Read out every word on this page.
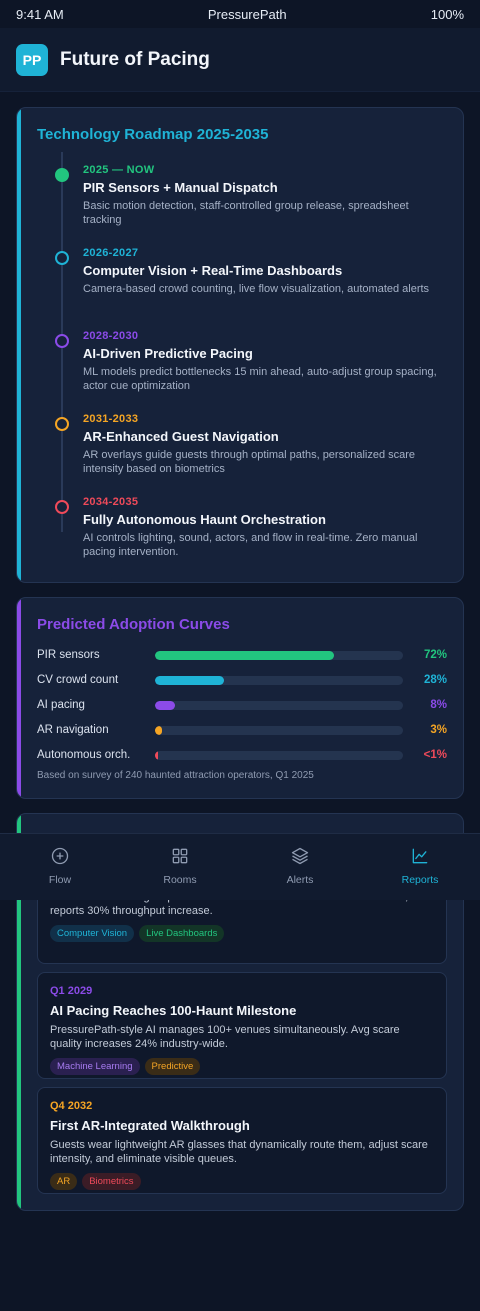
9:41 AM	PressurePath	100%
PP Future of Pacing
Technology Roadmap 2025-2035
2025 — NOW
PIR Sensors + Manual Dispatch
Basic motion detection, staff-controlled group release, spreadsheet tracking
2026-2027
Computer Vision + Real-Time Dashboards
Camera-based crowd counting, live flow visualization, automated alerts
2028-2030
AI-Driven Predictive Pacing
ML models predict bottlenecks 15 min ahead, auto-adjust group spacing, actor cue optimization
2031-2033
AR-Enhanced Guest Navigation
AR overlays guide guests through optimal paths, personalized scare intensity based on biometrics
2034-2035
Fully Autonomous Haunt Orchestration
AI controls lighting, sound, actors, and flow in real-time. Zero manual pacing intervention.
Predicted Adoption Curves
PIR sensors	72%
CV crowd count	28%
AI pacing	8%
AR navigation	3%
Autonomous orch.	<1%
Based on survey of 240 haunted attraction operators, Q1 2025
reports 30% throughput increase.
Computer Vision	Live Dashboards
Q1 2029
AI Pacing Reaches 100-Haunt Milestone
PressurePath-style AI manages 100+ venues simultaneously. Avg scare quality increases 24% industry-wide.
Machine Learning	Predictive
Q4 2032
First AR-Integrated Walkthrough
Guests wear lightweight AR glasses that dynamically route them, adjust scare intensity, and eliminate visible queues.
AR	Biometrics
Flow	Rooms	Alerts	Reports
